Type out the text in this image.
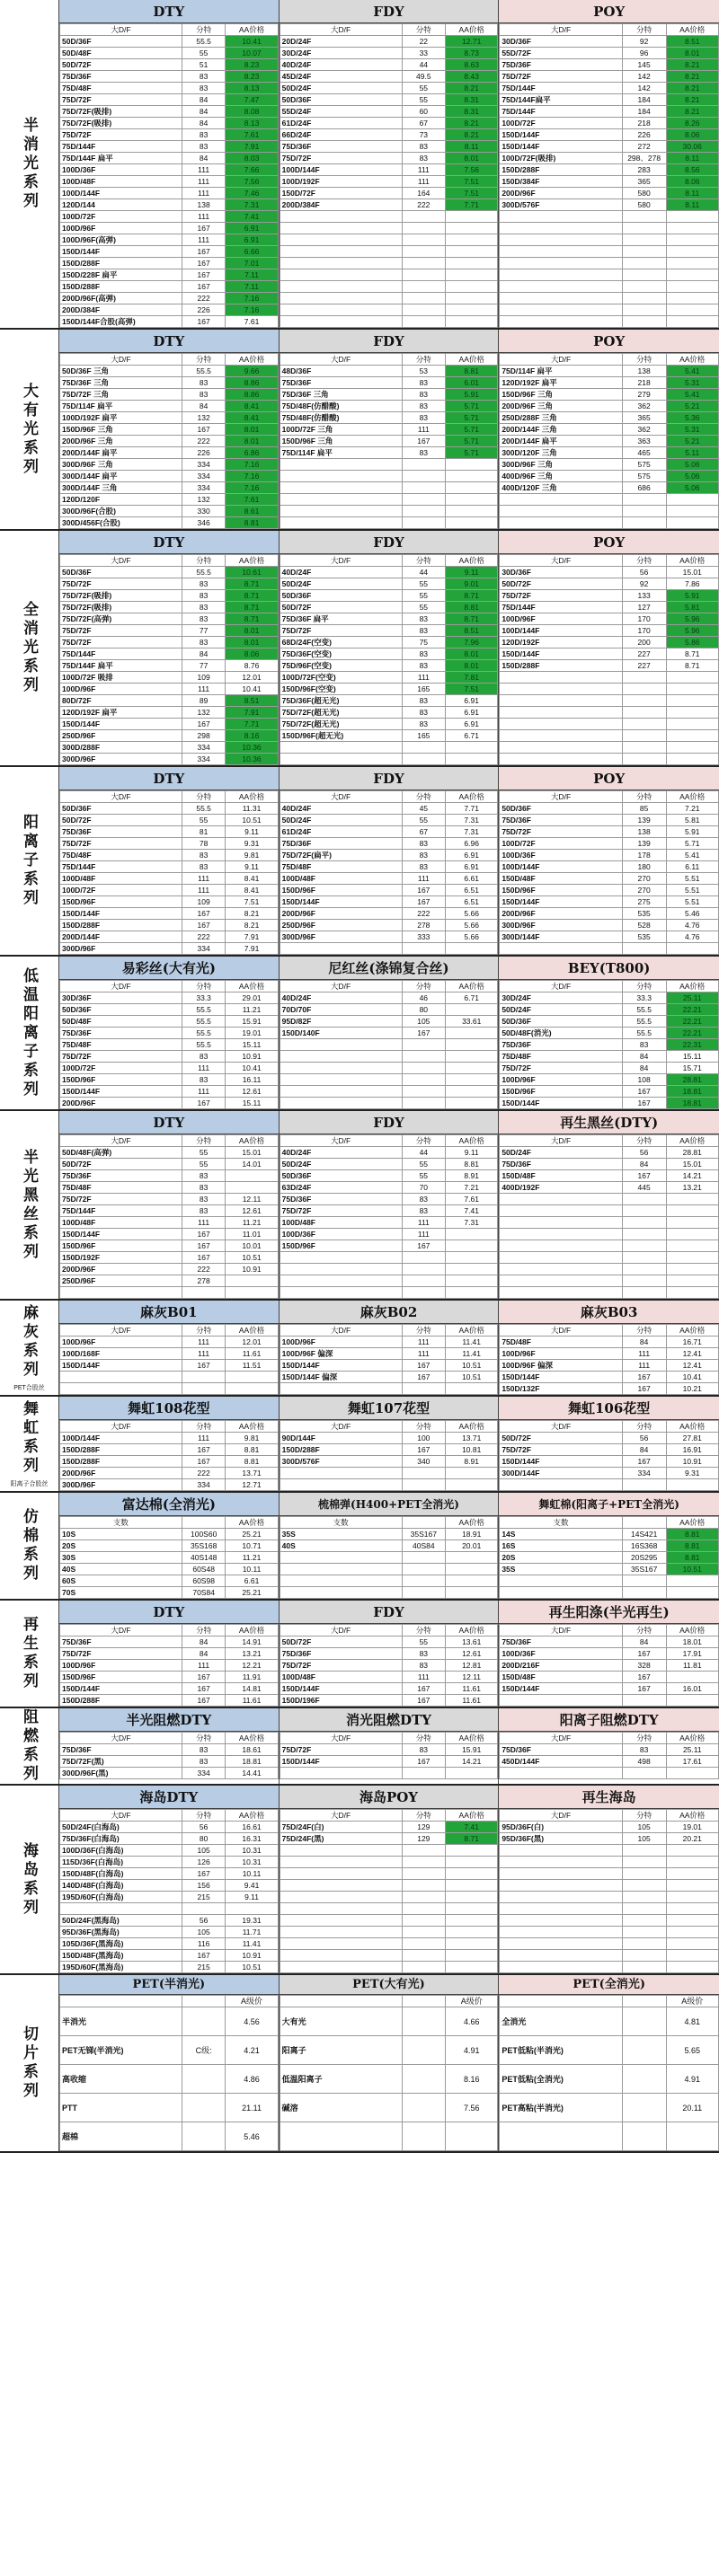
半消光系列
DTY
大D/F	分特	AA价格
50D/36F	55.5	10.41
50D/48F	55	10.07
50D/72F	51	8.23
75D/36F	83	8.23
75D/48F	83	8.13
75D/72F	84	7.47
75D/72F(吸排)	84	8.08
75D/72F(吸排)	84	8.13
75D/72F	83	7.61
75D/144F	83	7.91
75D/144F 扁平	84	8.03
100D/36F	111	7.66
100D/48F	111	7.56
100D/144F	111	7.46
120D/144	138	7.31
100D/72F	111	7.41
100D/96F	167	6.91
100D/96F(高弹)	111	6.91
150D/144F	167	6.66
150D/288F	167	7.01
150D/228F 扁平	167	7.11
150D/288F	167	7.11
200D/96F(高弹)	222	7.16
200D/384F	226	7.16
150D/144F合股(高弹)	167	7.61
FDY
大D/F	分特	AA价格
20D/24F	22	12.71
30D/24F	33	8.73
40D/24F	44	8.63
45D/24F	49.5	8.43
50D/24F	55	8.21
50D/36F	55	8.31
55D/24F	60	8.31
61D/24F	67	8.21
66D/24F	73	8.21
75D/36F	83	8.11
75D/72F	83	8.01
100D/144F	111	7.56
100D/192F	111	7.51
150D/72F	164	7.51
200D/384F	222	7.71

POY
大D/F	分特	AA价格
30D/36F	92	8.51
55D/72F	96	8.01
75D/36F	145	8.21
75D/72F	142	8.21
75D/144F	142	8.21
75D/144F扁平	184	8.21
75D/144F	184	8.21
100D/72F	218	8.26
150D/144F	226	8.06
150D/144F	272	30.06
100D/72F(吸排)	298、278	8.11
150D/288F	283	8.56
150D/384F	365	8.06
200D/96F	580	8.11
300D/576F	580	8.11

大有光系列
DTY
大D/F	分特	AA价格
50D/36F 三角	55.5	9.66
75D/36F 三角	83	8.86
75D/72F 三角	83	8.86
75D/114F 扁平	84	8.41
100D/192F 扁平	132	8.41
150D/96F 三角	167	8.01
200D/96F 三角	222	8.01
200D/144F 扁平	226	6.86
300D/96F 三角	334	7.16
300D/144F 扁平	334	7.16
300D/144F 三角	334	7.16
120D/120F	132	7.61
300D/96F(合股)	330	8.61
300D/456F(合股)	346	8.81
FDY
大D/F	分特	AA价格
48D/36F	53	8.81
75D/36F	83	6.01
75D/36F 三角	83	5.91
75D/48F(仿醋酸)	83	5.71
75D/48F(仿醋酸)	83	5.71
100D/72F 三角	111	5.71
150D/96F 三角	167	5.71
75D/114F 扁平	83	5.71

POY
大D/F	分特	AA价格
75D/114F 扁平	138	5.41
120D/192F 扁平	218	5.31
150D/96F 三角	279	5.41
200D/96F 三角	362	5.21
250D/288F 三角	365	5.36
200D/144F 三角	362	5.31
200D/144F 扁平	363	5.21
300D/120F 三角	465	5.11
300D/96F 三角	575	5.06
400D/96F 三角	575	5.06
400D/120F 三角	686	5.06

全消光系列
DTY
大D/F	分特	AA价格
50D/36F	55.5	10.61
75D/72F	83	8.71
75D/72F(吸排)	83	8.71
75D/72F(吸排)	83	8.71
75D/72F(高弹)	83	8.71
75D/72F	77	8.01
75D/72F	83	8.01
75D/144F	84	8.06
75D/144F 扁平	77	8.76
100D/72F 吸排	109	12.01
100D/96F	111	10.41
80D/72F	89	8.51
120D/192F 扁平	132	7.91
150D/144F	167	7.71
250D/96F	298	8.16
300D/288F	334	10.36
300D/96F	334	10.36
FDY
大D/F	分特	AA价格
40D/24F	44	9.11
50D/24F	55	9.01
50D/36F	55	8.71
50D/72F	55	8.81
75D/36F 扁平	83	8.71
75D/72F	83	8.51
68D/24F(空变)	75	7.96
75D/36F(空变)	83	8.01
75D/96F(空变)	83	8.01
100D/72F(空变)	111	7.81
150D/96F(空变)	165	7.51
75D/36F(超无光)	83	6.91
75D/72F(超无光)	83	6.91
75D/72F(超无光)	83	6.91
150D/96F(超无光)	165	6.71

POY
大D/F	分特	AA价格
30D/36F	56	15.01
50D/72F	92	7.86
75D/72F	133	5.91
75D/144F	127	5.81
100D/96F	170	5.96
100D/144F	170	5.96
120D/192F	200	5.86
150D/144F	227	8.71
150D/288F	227	8.71

阳离子系列
DTY
大D/F	分特	AA价格
50D/36F	55.5	11.31
50D/72F	55	10.51
75D/36F	81	9.11
75D/72F	78	9.31
75D/48F	83	9.81
75D/144F	83	9.11
100D/48F	111	8.41
100D/72F	111	8.41
150D/96F	109	7.51
150D/144F	167	8.21
150D/288F	167	8.21
200D/144F	222	7.91
300D/96F	334	7.91
FDY
大D/F	分特	AA价格
40D/24F	45	7.71
50D/24F	55	7.31
61D/24F	67	7.31
75D/36F	83	6.96
75D/72F(扁平)	83	6.91
75D/48F	83	6.91
100D/48F	111	6.61
150D/96F	167	6.51
150D/144F	167	6.51
200D/96F	222	5.66
250D/96F	278	5.66
300D/96F	333	5.66

POY
大D/F	分特	AA价格
50D/36F	85	7.21
75D/36F	139	5.81
75D/72F	138	5.91
100D/72F	139	5.71
100D/36F	178	5.41
100D/144F	180	6.11
150D/48F	270	5.51
150D/96F	270	5.51
150D/144F	275	5.51
200D/96F	535	5.46
300D/96F	528	4.76
300D/144F	535	4.76

低温阳离子系列	易彩丝(大有光)
大D/F	分特	AA价格
30D/36F	33.3	29.01
50D/36F	55.5	11.21
50D/48F	55.5	15.91
75D/36F	55.5	19.01
75D/48F	55.5	15.11
75D/72F	83	10.91
100D/72F	111	10.41
150D/96F	83	16.11
150D/144F	111	12.61
200D/96F	167	15.11
尼红丝(涤锦复合丝)
大D/F	分特	AA价格
40D/24F	46	6.71
70D/70F	80	
95D/82F	105	33.61
150D/140F	167	

BEY(T800)
大D/F	分特	AA价格
30D/24F	33.3	25.11
50D/24F	55.5	22.21
50D/36F	55.5	22.21
50D/48F(消光)	55.5	22.21
75D/36F	83	22.31
75D/48F	84	15.11
75D/72F	84	15.71
100D/96F	108	28.81
150D/96F	167	18.81
150D/144F	167	18.81
半光黑丝系列
DTY
大D/F	分特	AA价格
50D/48F(高弹)	55	15.01
50D/72F	55	14.01
75D/36F	83	
75D/48F	83	
75D/72F	83	12.11
75D/144F	83	12.61
100D/48F	111	11.21
150D/144F	167	11.01
150D/96F	167	10.01
150D/192F	167	10.51
200D/96F	222	10.91
250D/96F	278	

FDY
大D/F	分特	AA价格
40D/24F	44	9.11
50D/24F	55	8.81
50D/36F	55	8.91
63D/24F	70	7.21
75D/36F	83	7.61
75D/72F	83	7.41
100D/48F	111	7.31
100D/36F	111	
150D/96F	167	

再生黑丝(DTY)
大D/F	分特	AA价格
50D/24F	56	28.81
75D/36F	84	15.01
150D/48F	167	14.21
400D/192F	445	13.21

麻灰系列
PET合股丝
麻灰B01
大D/F	分特	AA价格
100D/96F	111	12.01
100D/168F	111	11.61
150D/144F	167	11.51

麻灰B02
大D/F	分特	AA价格
100D/96F	111	11.41
100D/96F 偏深	111	11.41
150D/144F	167	10.51
150D/144F 偏深	167	10.51

麻灰B03
大D/F	分特	AA价格
75D/48F	84	16.71
100D/96F	111	12.41
100D/96F 偏深	111	12.41
150D/144F	167	10.41
150D/132F	167	10.21
舞虹系列
阳离子合股丝
舞虹108花型
大D/F	分特	AA价格
100D/144F	111	9.81
150D/288F	167	8.81
150D/288F	167	8.81
200D/96F	222	13.71
300D/96F	334	12.71
舞虹107花型
大D/F	分特	AA价格
90D/144F	100	13.71
150D/288F	167	10.81
300D/576F	340	8.91

舞虹106花型
大D/F	分特	AA价格
50D/72F	56	27.81
75D/72F	84	16.91
150D/144F	167	10.91
300D/144F	334	9.31

仿棉系列
富达棉(全消光)
支数		AA价格
10S	100S60	25.21
20S	35S168	10.71
30S	40S148	11.21
40S	60S48	10.11
60S	60S98	6.61
70S	70S84	25.21
梳棉弹(H400+PET全消光)
支数		AA价格
35S	35S167	18.91
40S	40S84	20.01

舞虹棉(阳离子+PET全消光)
支数		AA价格
14S	14S421	8.81
16S	16S368	8.81
20S	20S295	8.81
35S	35S167	10.51

再生系列
DTY
大D/F	分特	AA价格
75D/36F	84	14.91
75D/72F	84	13.21
100D/96F	111	12.21
150D/96F	167	11.91
150D/144F	167	14.81
150D/288F	167	11.61
FDY
大D/F	分特	AA价格
50D/72F	55	13.61
75D/36F	83	12.61
75D/72F	83	12.81
100D/48F	111	12.11
150D/144F	167	11.61
150D/196F	167	11.61
再生阳涤(半光再生)
大D/F	分特	AA价格
75D/36F	84	18.01
100D/36F	167	17.91
200D/216F	328	11.81
150D/48F	167	
150D/144F	167	16.01

阻燃系列	半光阻燃DTY
大D/F	分特	AA价格
75D/36F	83	18.61
75D/72F(黑)	83	18.81
300D/96F(黑)	334	14.41
消光阻燃DTY
大D/F	分特	AA价格
75D/72F	83	15.91
150D/144F	167	14.21

阳离子阻燃DTY
大D/F	分特	AA价格
75D/36F	83	25.11
450D/144F	498	17.61

海岛系列
海岛DTY
大D/F	分特	AA价格
50D/24F(白海岛)	56	16.61
75D/36F(白海岛)	80	16.31
100D/36F(白海岛)	105	10.31
115D/36F(白海岛)	126	10.31
150D/48F(白海岛)	167	10.11
140D/48F(白海岛)	156	9.41
195D/60F(白海岛)	215	9.11

50D/24F(黑海岛)	56	19.31
95D/36F(黑海岛)	105	11.71
105D/36F(黑海岛)	116	11.41
150D/48F(黑海岛)	167	10.91
195D/60F(黑海岛)	215	10.51
海岛POY
大D/F	分特	AA价格
75D/24F(白)	129	7.41
75D/24F(黑)	129	8.71

再生海岛
大D/F	分特	AA价格
95D/36F(白)	105	19.01
95D/36F(黑)	105	20.21

切片系列
PET(半消光)
		A级价
半消光		4.56
PET无锑(半消光)	C级:	4.21
高收缩		4.86
PTT		21.11
超棉		5.46
PET(大有光)
		A级价
大有光		4.66
阳离子		4.91
低温阳离子		8.16
碱溶		7.56

PET(全消光)
		A级价
全消光		4.81
PET低粘(半消光)		5.65
PET低粘(全消光)		4.91
PET高粘(半消光)		20.11
